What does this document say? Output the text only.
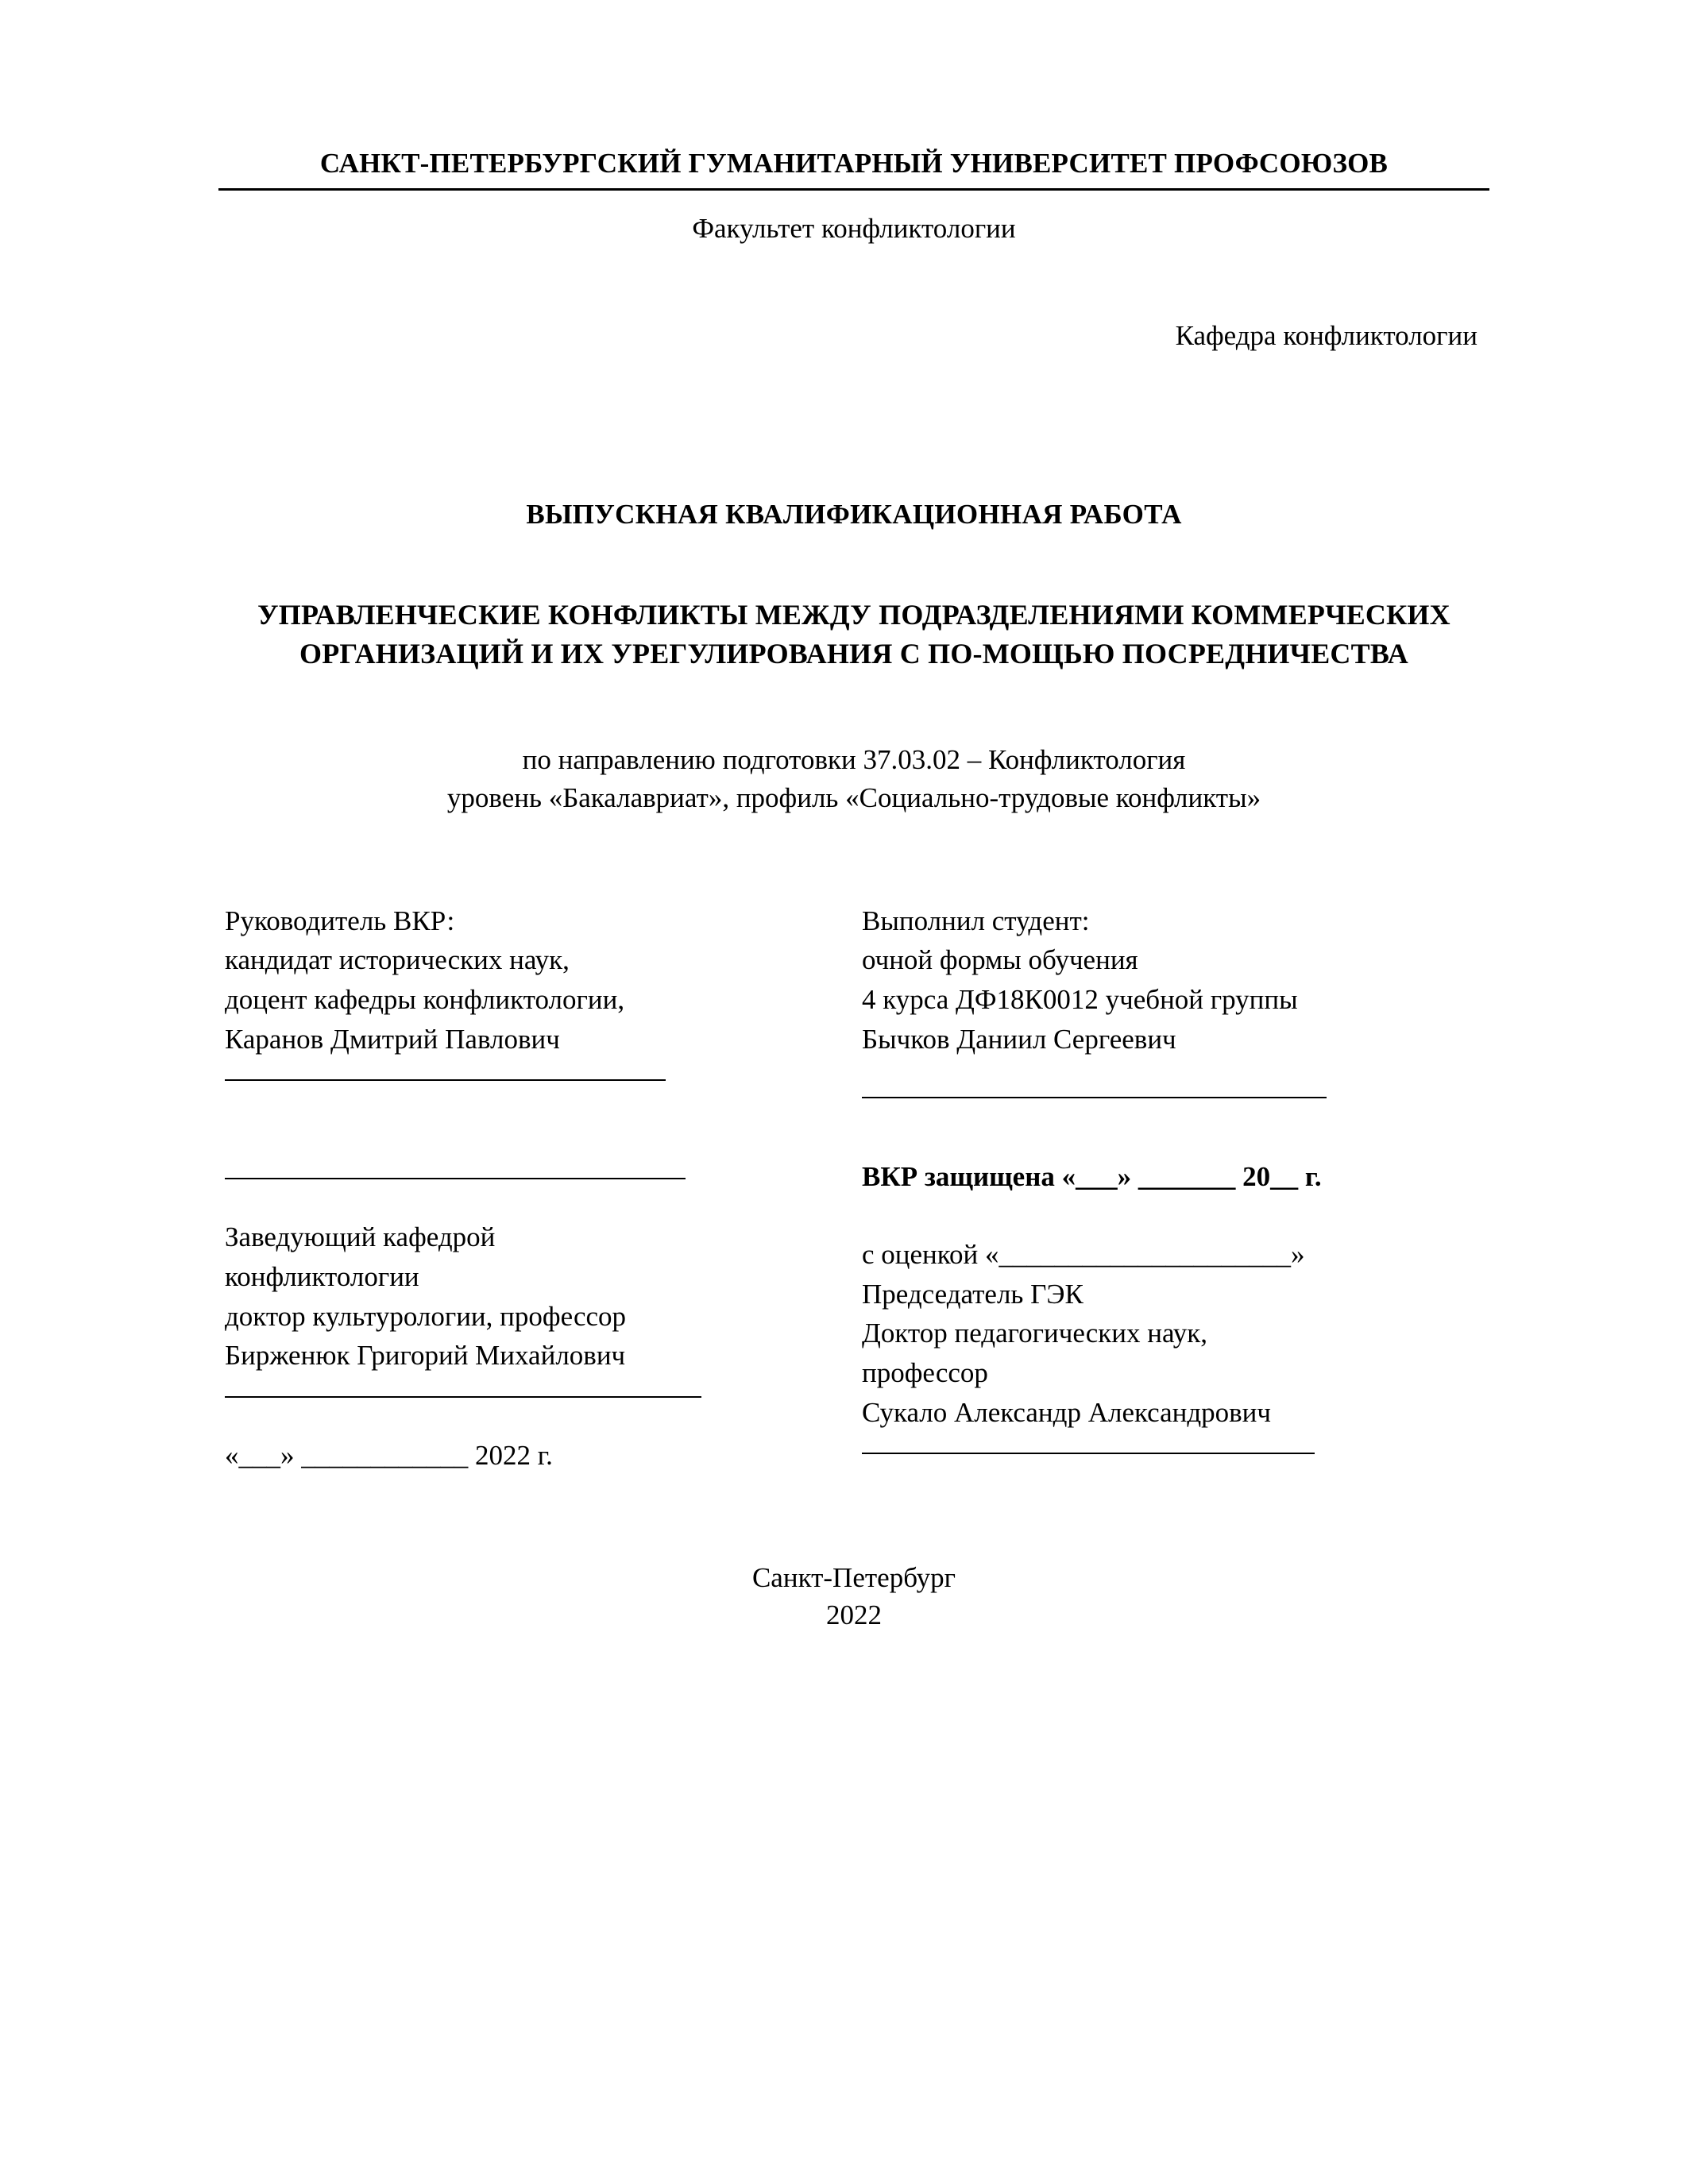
САНКТ-ПЕТЕРБУРГСКИЙ ГУМАНИТАРНЫЙ УНИВЕРСИТЕТ ПРОФСОЮЗОВ
Факультет конфликтологии
Кафедра конфликтологии
ВЫПУСКНАЯ КВАЛИФИКАЦИОННАЯ РАБОТА
УПРАВЛЕНЧЕСКИЕ КОНФЛИКТЫ МЕЖДУ ПОДРАЗДЕЛЕНИЯМИ КОММЕРЧЕСКИХ ОРГАНИЗАЦИЙ И ИХ УРЕГУЛИРОВАНИЯ С ПО-МОЩЬЮ ПОСРЕДНИЧЕСТВА
по направлению подготовки 37.03.02 – Конфликтология
уровень «Бакалавриат», профиль «Социально-трудовые конфликты»
Руководитель ВКР:
кандидат исторических наук,
доцент кафедры конфликтологии,
Каранов Дмитрий Павлович
Заведующий кафедрой
конфликтологии
доктор культурологии, профессор
Бирженюк Григорий Михайлович
«___» ____________ 2022 г.
Выполнил студент:
очной формы обучения
4 курса ДФ18К0012 учебной группы
Бычков Даниил Сергеевич
ВКР защищена «___» _______ 20__ г.
с оценкой «_____________________»
Председатель ГЭК
Доктор педагогических наук,
профессор
Сукало Александр Александрович
Санкт-Петербург
2022
